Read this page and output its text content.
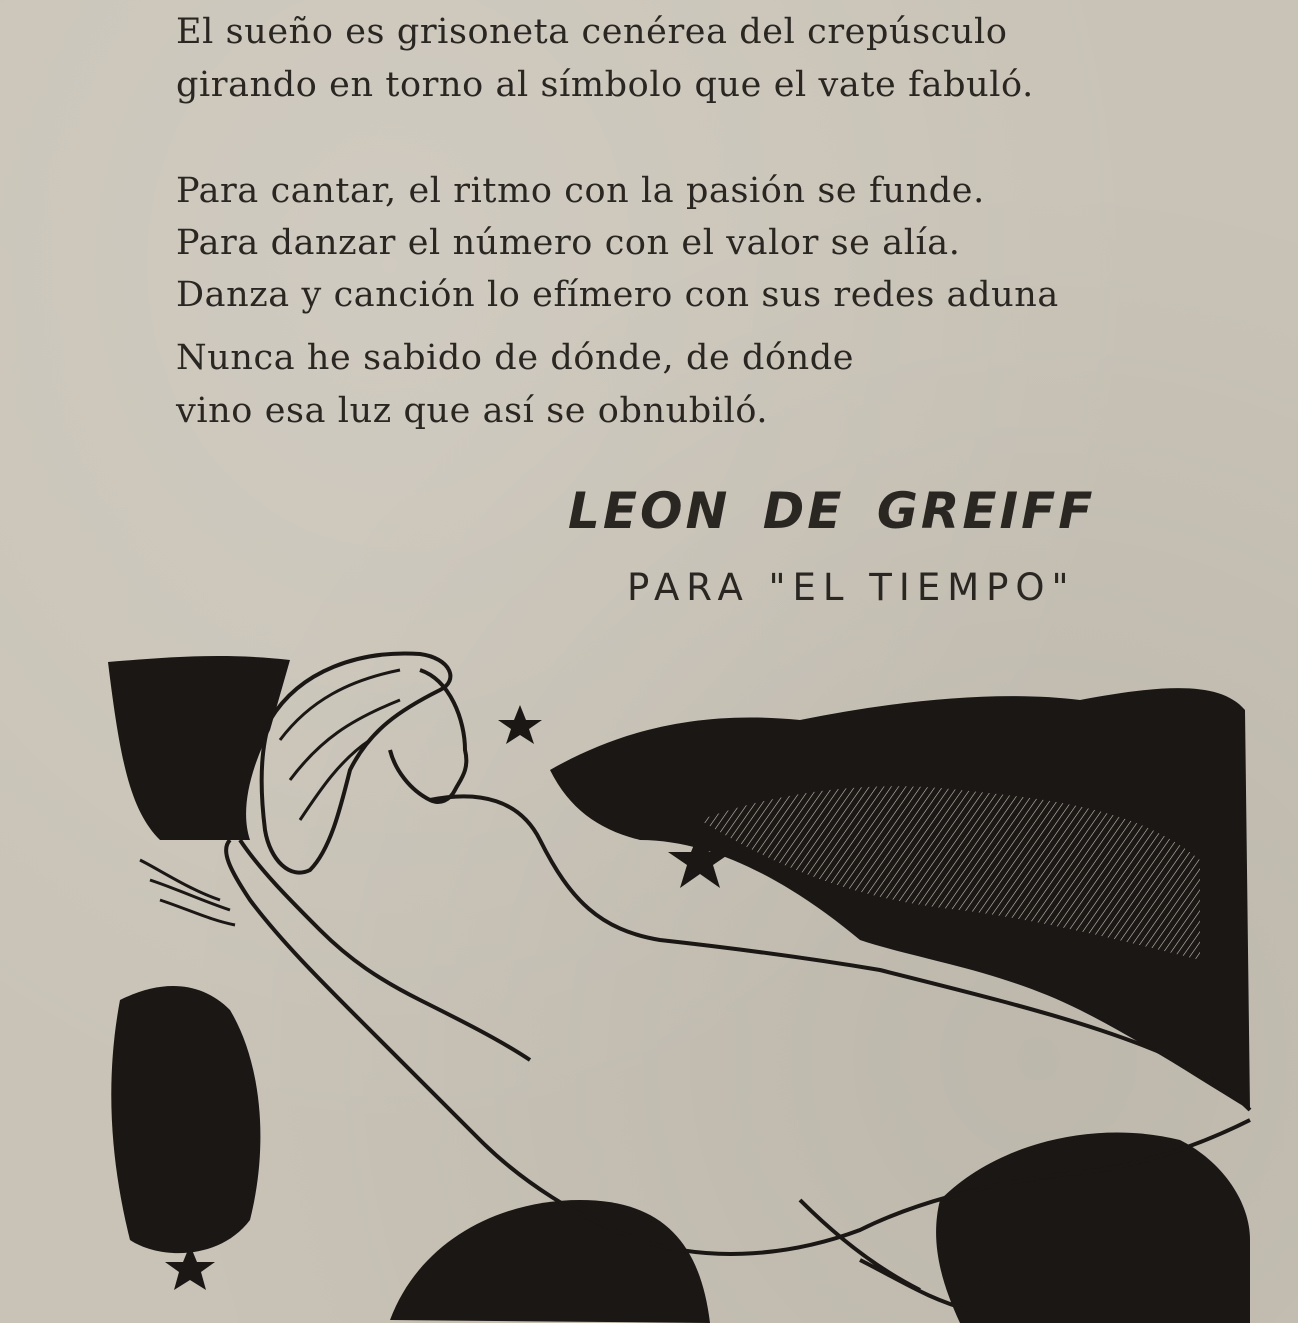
El sueño es grisoneta cenérea del crepúsculo
girando en torno al símbolo que el vate fabuló.
Para cantar, el ritmo con la pasión se funde.
Para danzar el número con el valor se alía.
Danza y canción lo efímero con sus redes aduna
Nunca he sabido de dónde, de dónde
vino esa luz que así se obnubiló.
LEON DE GREIFF
PARA "EL TIEMPO"
